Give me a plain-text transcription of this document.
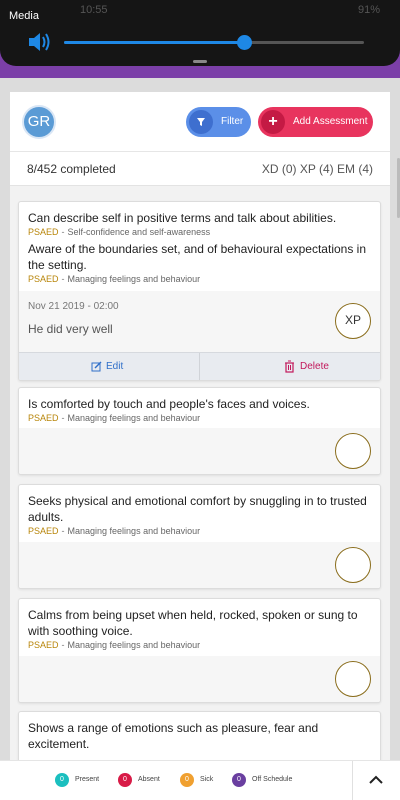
Media	10:55	91%
GR	Filter	+	Add Assessment
8/452 completed	XD (0) XP (4) EM (4)
Can describe self in positive terms and talk about abilities.
PSAED - Self-confidence and self-awareness
Aware of the boundaries set, and of behavioural expectations in the setting.
PSAED - Managing feelings and behaviour
Nov 21 2019 - 02:00
He did very well
XP
Edit	Delete
Is comforted by touch and people's faces and voices.
PSAED - Managing feelings and behaviour
Seeks physical and emotional comfort by snuggling in to trusted adults.
PSAED - Managing feelings and behaviour
Calms from being upset when held, rocked, spoken or sung to with soothing voice.
PSAED - Managing feelings and behaviour
Shows a range of emotions such as pleasure, fear and excitement.
0	Present	0	Absent	0	Sick	0	Off Schedule
